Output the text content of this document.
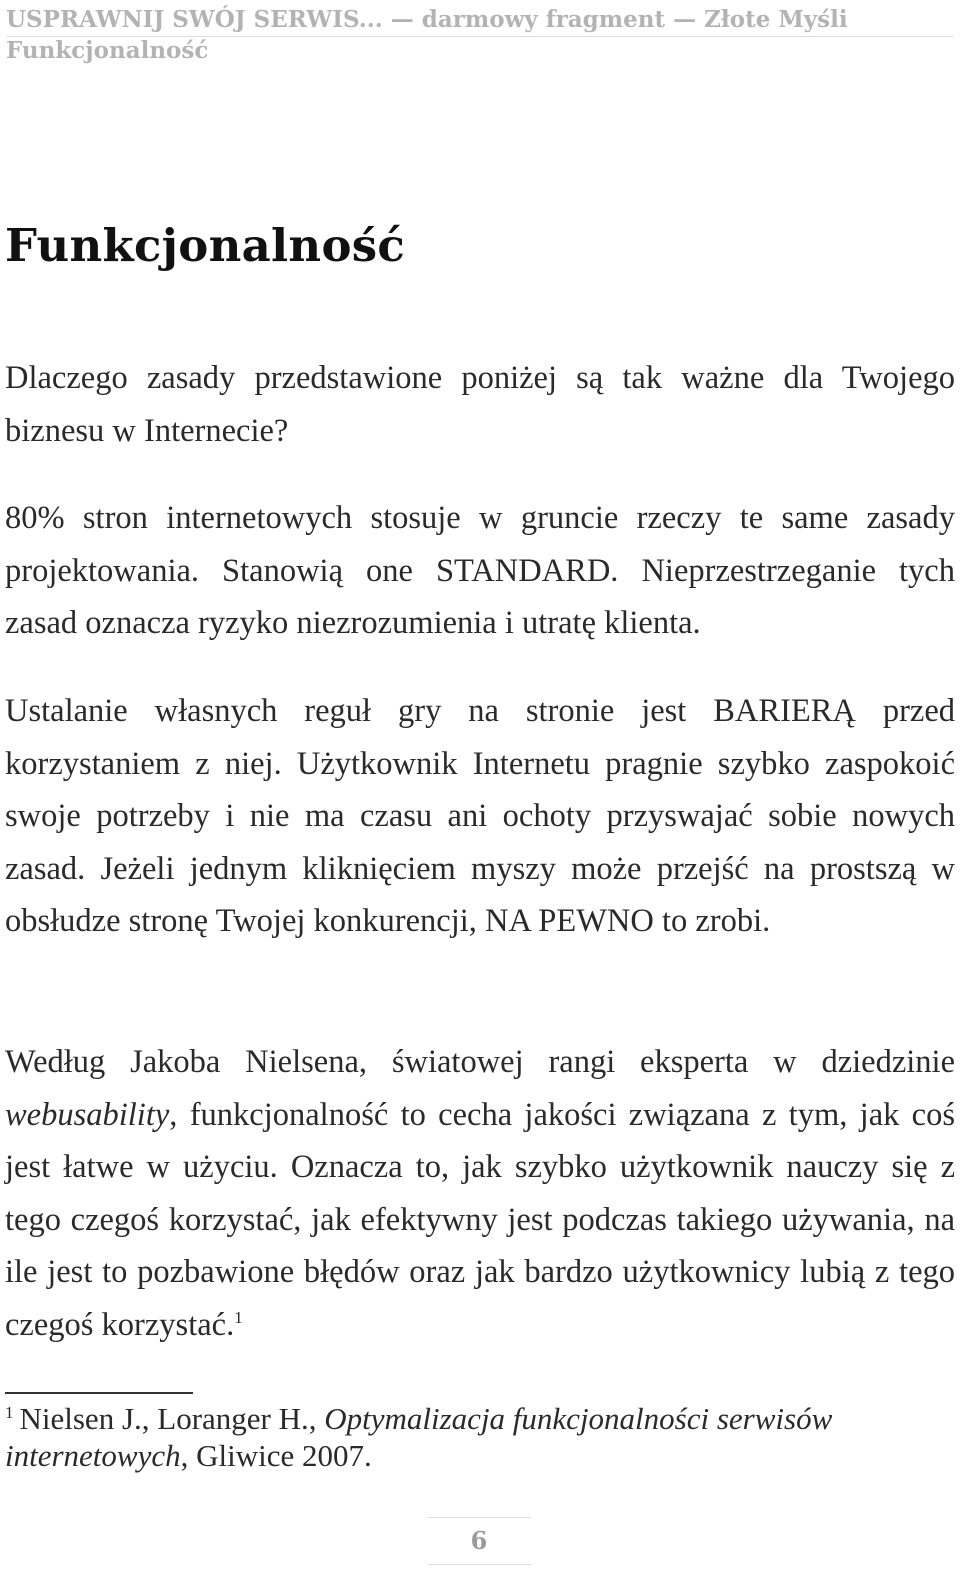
USPRAWNIJ SWÓJ SERWIS... — darmowy fragment — Złote Myśli
Funkcjonalność
Funkcjonalność

Dlaczego zasady przedstawione poniżej są tak ważne dla Twojego biznesu w Internecie?

80% stron internetowych stosuje w gruncie rzeczy te same zasady projektowania. Stanowią one STANDARD. Nieprzestrzeganie tych zasad oznacza ryzyko niezrozumienia i utratę klienta.

Ustalanie własnych reguł gry na stronie jest BARIERĄ przed korzystaniem z niej. Użytkownik Internetu pragnie szybko zaspokoić swoje potrzeby i nie ma czasu ani ochoty przyswajać sobie nowych zasad. Jeżeli jednym kliknięciem myszy może przejść na prostszą w obsłudze stronę Twojej konkurencji, NA PEWNO to zrobi.

Według Jakoba Nielsena, światowej rangi eksperta w dziedzinie webusability, funkcjonalność to cecha jakości związana z tym, jak coś jest łatwe w użyciu. Oznacza to, jak szybko użytkownik nauczy się z tego czegoś korzystać, jak efektywny jest podczas takiego używania, na ile jest to pozbawione błędów oraz jak bardzo użytkownicy lubią z tego czegoś korzystać.$^1$

$^1$ Nielsen J., Loranger H., Optymalizacja funkcjonalności serwisów internetowych, Gliwice 2007.

6
